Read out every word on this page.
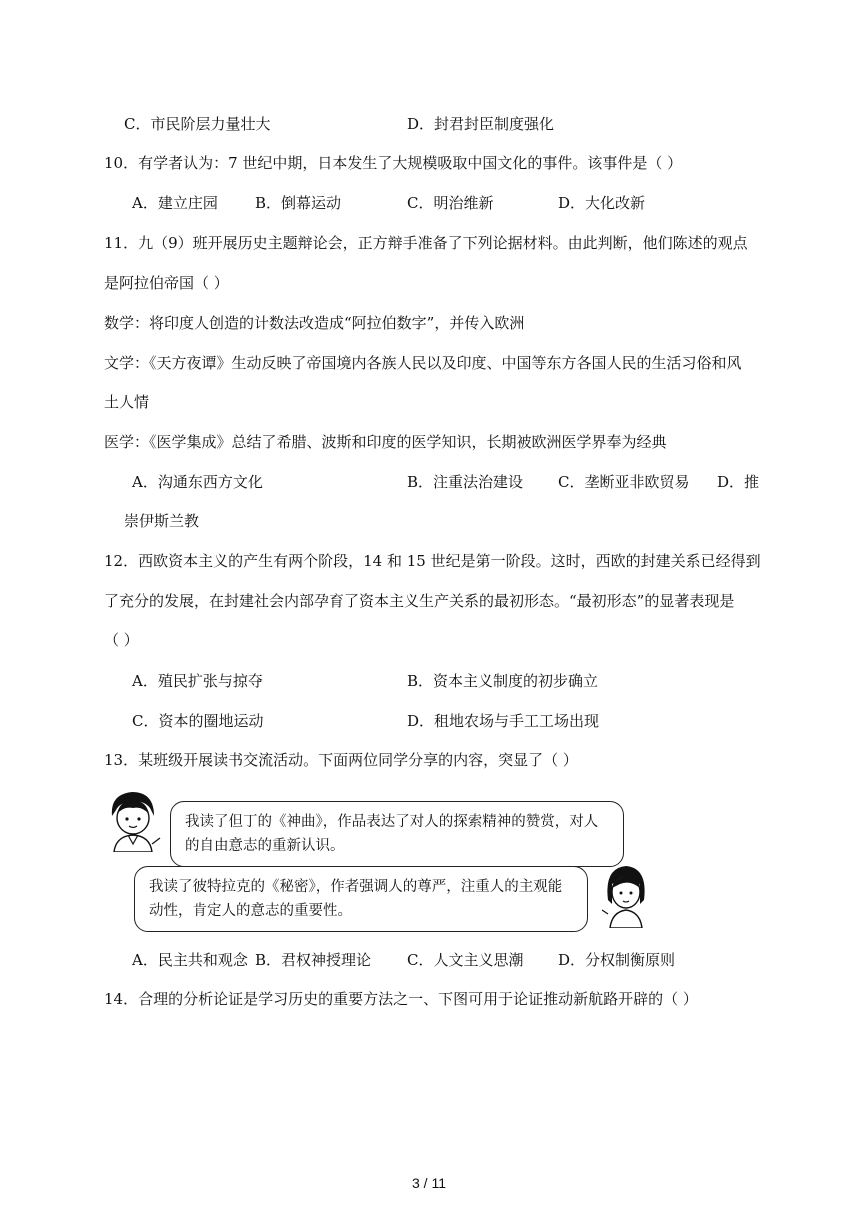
C．市民阶层力量壮大	D．封君封臣制度强化
10．有学者认为：7 世纪中期，日本发生了大规模吸取中国文化的事件。该事件是（ ）
A．建立庄园 B．倒幕运动	C．明治维新	D．大化改新
11．九（9）班开展历史主题辩论会，正方辩手准备了下列论据材料。由此判断，他们陈述的观点
是阿拉伯帝国（ ）
数学：将印度人创造的计数法改造成“阿拉伯数字”，并传入欧洲
文学：《天方夜谭》生动反映了帝国境内各族人民以及印度、中国等东方各国人民的生活习俗和风
土人情
医学：《医学集成》总结了希腊、波斯和印度的医学知识，长期被欧洲医学界奉为经典
A．沟通东西方文化	B．注重法治建设 C．垄断亚非欧贸易 D．推
崇伊斯兰教
12．西欧资本主义的产生有两个阶段，14 和 15 世纪是第一阶段。这时，西欧的封建关系已经得到
了充分的发展，在封建社会内部孕育了资本主义生产关系的最初形态。“最初形态”的显著表现是
（ ）
A．殖民扩张与掠夺	B．资本主义制度的初步确立
C．资本的圈地运动	D．租地农场与手工工场出现
13．某班级开展读书交流活动。下面两位同学分享的内容，突显了（ ）
我读了但丁的《神曲》，作品表达了对人的探索精神的赞赏，对人
的自由意志的重新认识。
我读了彼特拉克的《秘密》，作者强调人的尊严，注重人的主观能
动性，肯定人的意志的重要性。
A．民主共和观念 B．君权神授理论 C．人文主义思潮 D．分权制衡原则
14．合理的分析论证是学习历史的重要方法之一、下图可用于论证推动新航路开辟的（ ）
3 / 11
